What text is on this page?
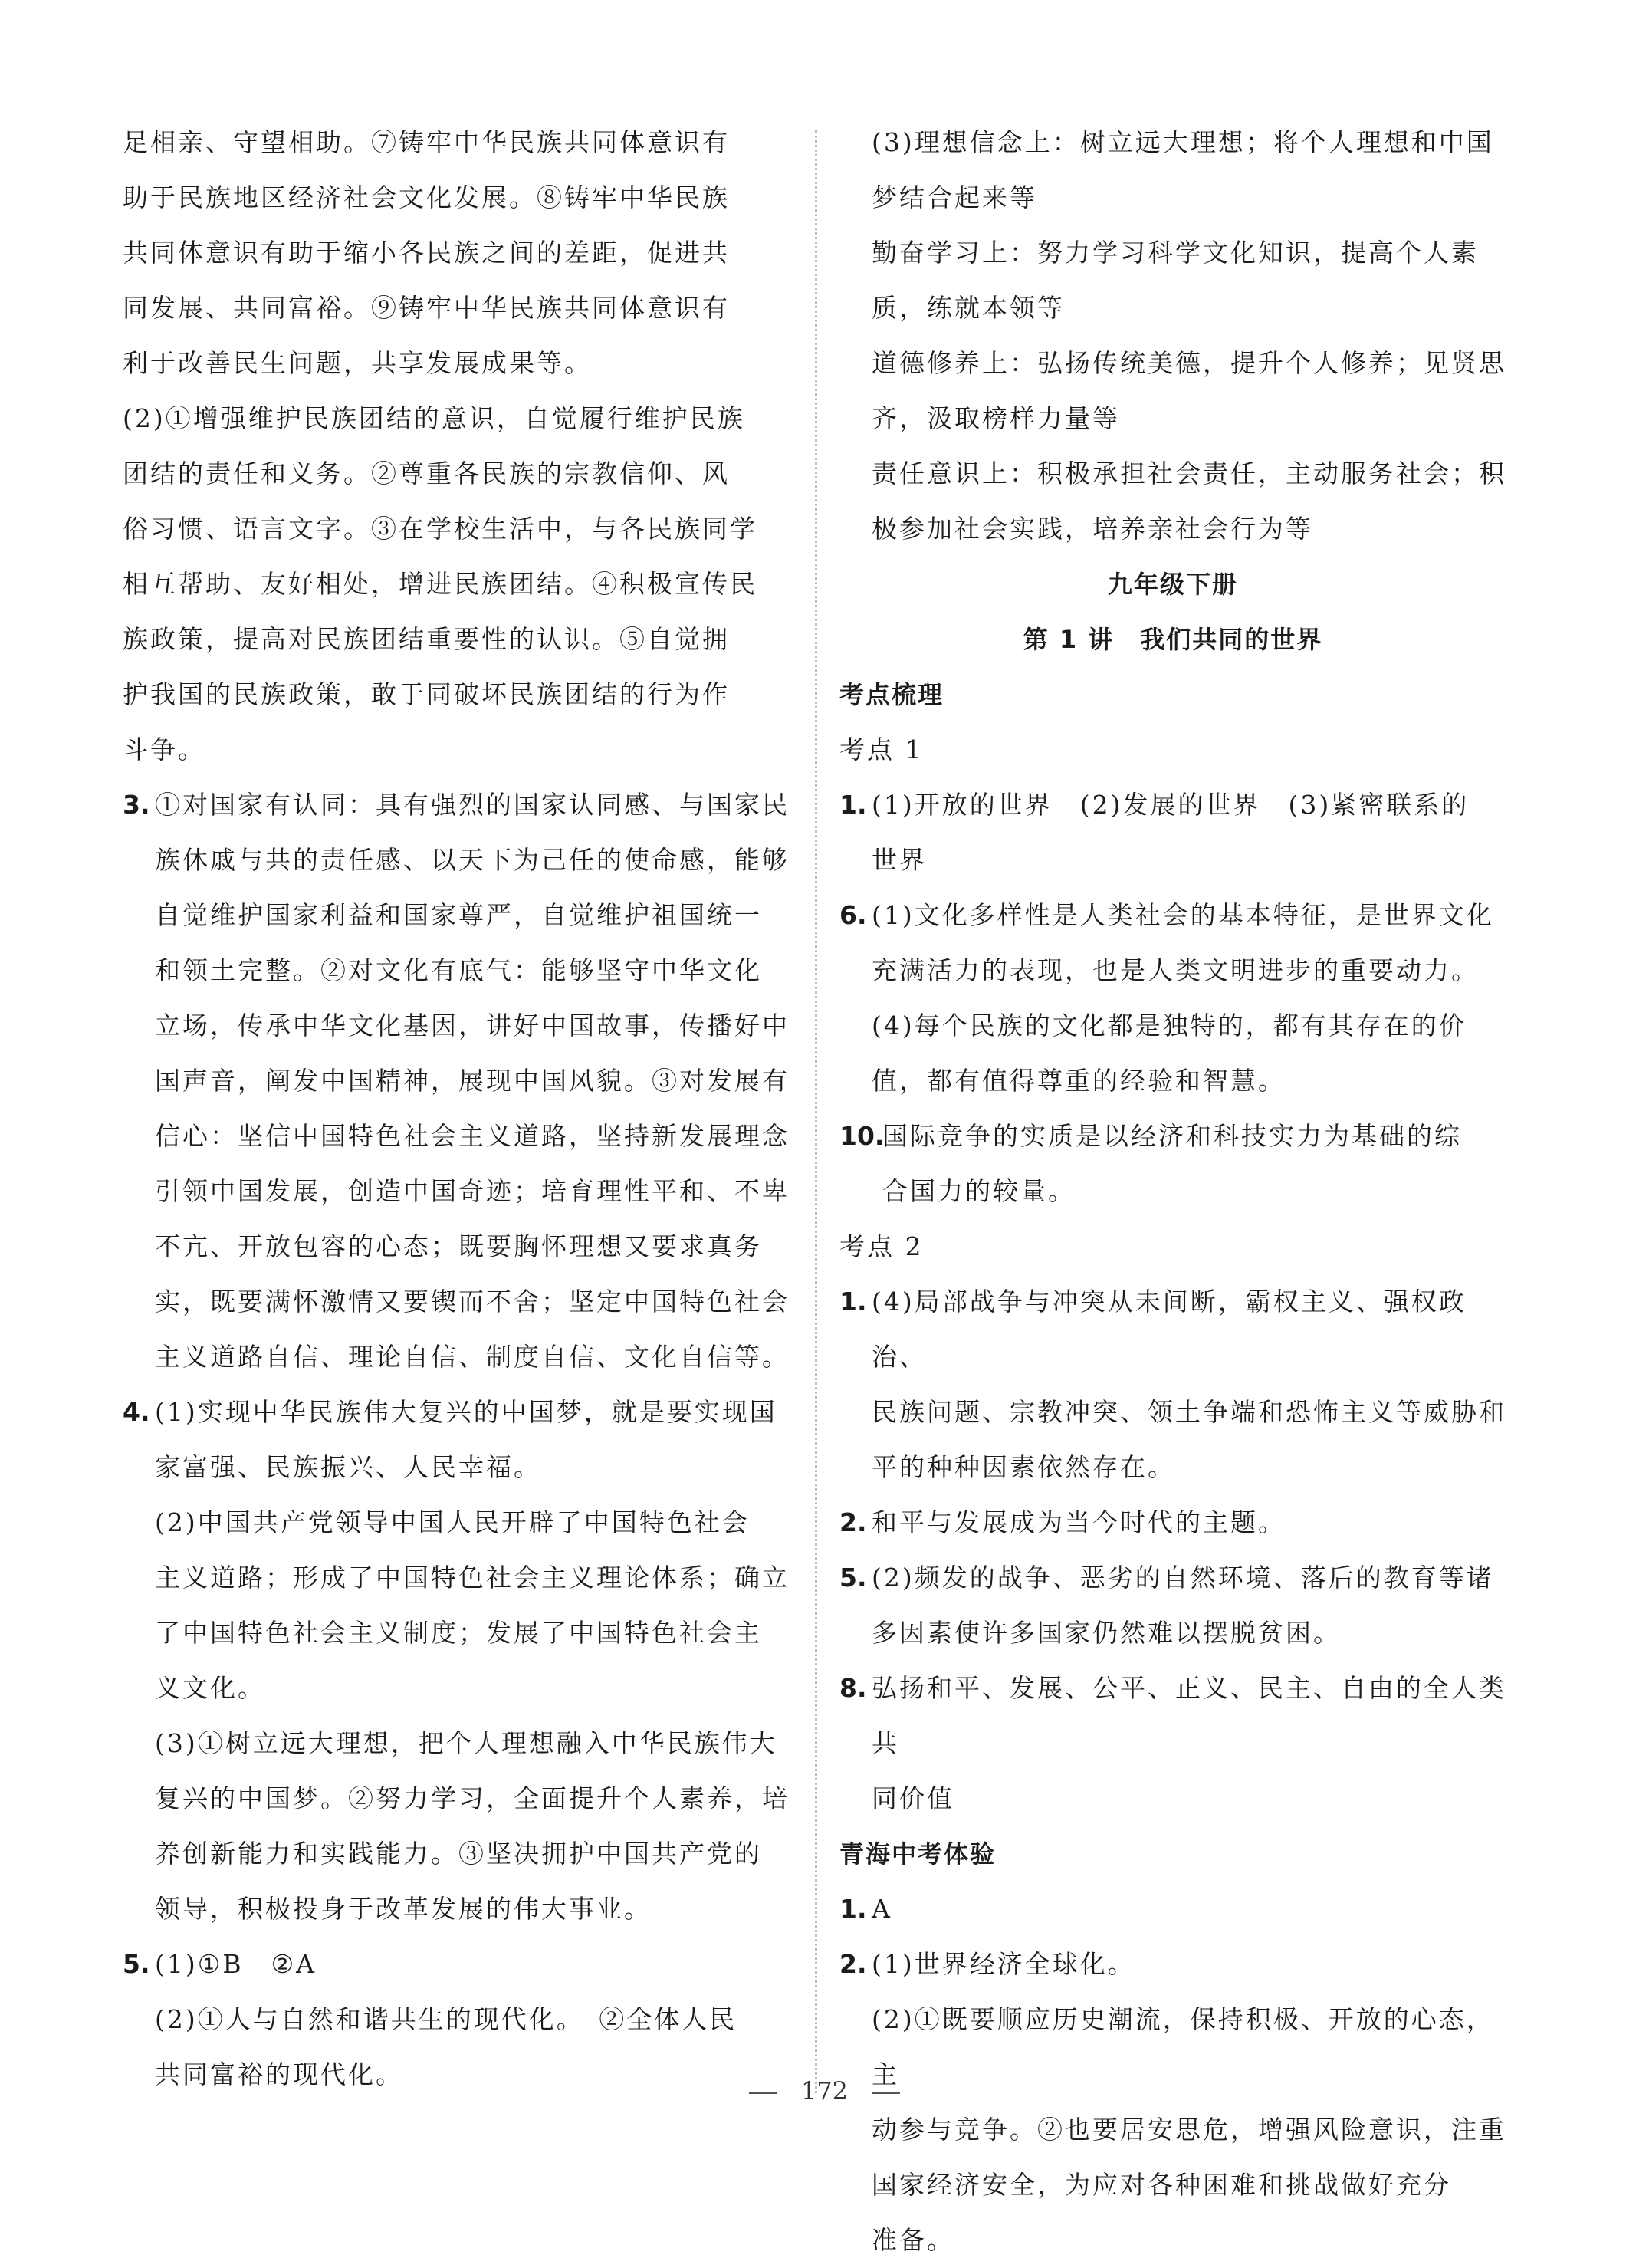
足相亲、守望相助。⑦铸牢中华民族共同体意识有

助于民族地区经济社会文化发展。⑧铸牢中华民族

共同体意识有助于缩小各民族之间的差距，促进共

同发展、共同富裕。⑨铸牢中华民族共同体意识有

利于改善民生问题，共享发展成果等。

(2)①增强维护民族团结的意识，自觉履行维护民族

团结的责任和义务。②尊重各民族的宗教信仰、风

俗习惯、语言文字。③在学校生活中，与各民族同学

相互帮助、友好相处，增进民族团结。④积极宣传民

族政策，提高对民族团结重要性的认识。⑤自觉拥

护我国的民族政策，敢于同破坏民族团结的行为作

斗争。

3. ①对国家有认同：具有强烈的国家认同感、与国家民

族休戚与共的责任感、以天下为己任的使命感，能够

自觉维护国家利益和国家尊严，自觉维护祖国统一

和领土完整。②对文化有底气：能够坚守中华文化

立场，传承中华文化基因，讲好中国故事，传播好中

国声音，阐发中国精神，展现中国风貌。③对发展有

信心：坚信中国特色社会主义道路，坚持新发展理念

引领中国发展，创造中国奇迹；培育理性平和、不卑

不亢、开放包容的心态；既要胸怀理想又要求真务

实，既要满怀激情又要锲而不舍；坚定中国特色社会

主义道路自信、理论自信、制度自信、文化自信等。

4. (1)实现中华民族伟大复兴的中国梦，就是要实现国

家富强、民族振兴、人民幸福。

(2)中国共产党领导中国人民开辟了中国特色社会

主义道路；形成了中国特色社会主义理论体系；确立

了中国特色社会主义制度；发展了中国特色社会主

义文化。

(3)①树立远大理想，把个人理想融入中华民族伟大

复兴的中国梦。②努力学习，全面提升个人素养，培

养创新能力和实践能力。③坚决拥护中国共产党的

领导，积极投身于改革发展的伟大事业。

5. (1)①B　②A

(2)①人与自然和谐共生的现代化。　②全体人民

共同富裕的现代化。

(3)理想信念上：树立远大理想；将个人理想和中国

梦结合起来等

勤奋学习上：努力学习科学文化知识，提高个人素

质，练就本领等

道德修养上：弘扬传统美德，提升个人修养；见贤思

齐，汲取榜样力量等

责任意识上：积极承担社会责任，主动服务社会；积

极参加社会实践，培养亲社会行为等

九年级下册

第 1 讲　我们共同的世界

考点梳理

考点 1

1. (1)开放的世界　(2)发展的世界　(3)紧密联系的

世界

6. (1)文化多样性是人类社会的基本特征，是世界文化

充满活力的表现，也是人类文明进步的重要动力。

(4)每个民族的文化都是独特的，都有其存在的价

值，都有值得尊重的经验和智慧。

10.

国际竞争的实质是以经济和科技实力为基础的综

合国力的较量。

考点 2

1. (4)局部战争与冲突从未间断，霸权主义、强权政治、

民族问题、宗教冲突、领土争端和恐怖主义等威胁和

平的种种因素依然存在。

2. 和平与发展成为当今时代的主题。

5. (2)频发的战争、恶劣的自然环境、落后的教育等诸

多因素使许多国家仍然难以摆脱贫困。

8. 弘扬和平、发展、公平、正义、民主、自由的全人类共

同价值

青海中考体验

1. A

2. (1)世界经济全球化。

(2)①既要顺应历史潮流，保持积极、开放的心态，主

动参与竞争。②也要居安思危，增强风险意识，注重

国家经济安全，为应对各种困难和挑战做好充分

准备。

172
